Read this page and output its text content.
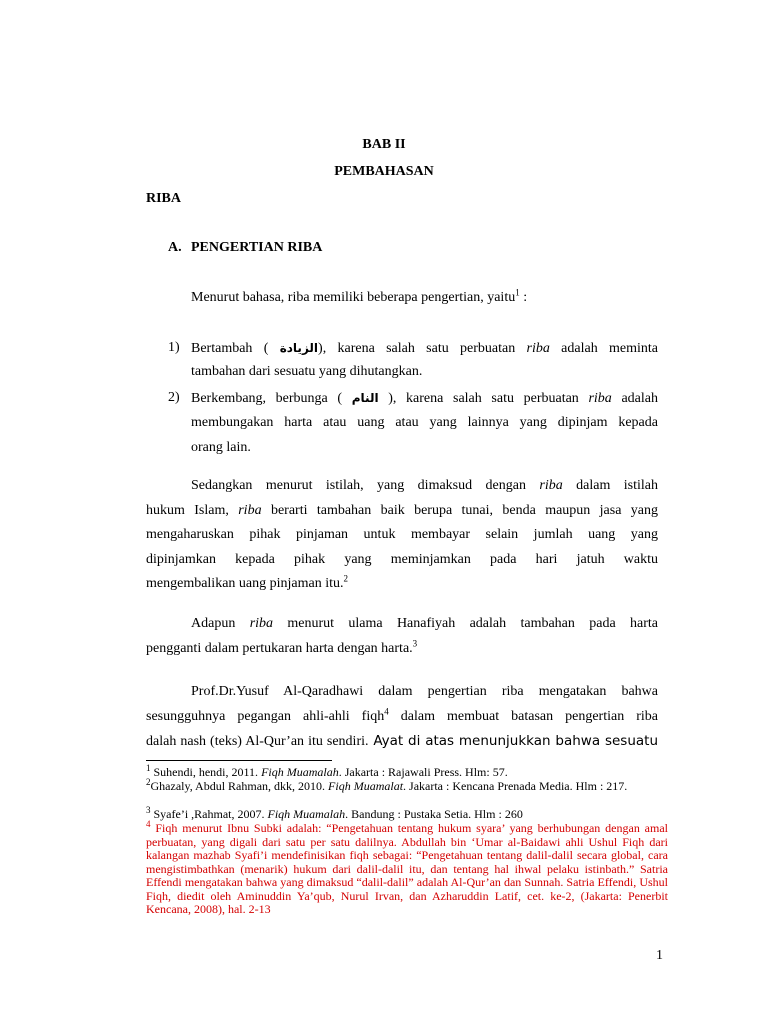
BAB II
PEMBAHASAN
RIBA
A. PENGERTIAN RIBA
Menurut bahasa, riba memiliki beberapa pengertian, yaitu$^1$ :
1) Bertambah ( الزيادة), karena salah satu perbuatan riba adalah meminta
tambahan dari sesuatu yang dihutangkan.
2) Berkembang, berbunga ( النام ), karena salah satu perbuatan riba adalah
membungakan harta atau uang atau yang lainnya yang dipinjam kepada
orang lain.
Sedangkan menurut istilah, yang dimaksud dengan riba dalam istilah
hukum Islam, riba berarti tambahan baik berupa tunai, benda maupun jasa yang
mengaharuskan pihak pinjaman untuk membayar selain jumlah uang yang
dipinjamkan kepada pihak yang meminjamkan pada hari jatuh waktu
mengembalikan uang pinjaman itu.$^2$
Adapun riba menurut ulama Hanafiyah adalah tambahan pada harta
pengganti dalam pertukaran harta dengan harta.$^3$
Prof.Dr.Yusuf Al-Qaradhawi dalam pengertian riba mengatakan bahwa
sesungguhnya pegangan ahli-ahli fiqh$^4$ dalam membuat batasan pengertian riba
dalah nash (teks) Al-Qur’an itu sendiri. Ayat di atas menunjukkan bahwa sesuatu
$^1$ Suhendi, hendi, 2011. Fiqh Muamalah. Jakarta : Rajawali Press. Hlm: 57.
$^2$Ghazaly, Abdul Rahman, dkk, 2010. Fiqh Muamalat. Jakarta : Kencana Prenada Media. Hlm : 217.
$^3$ Syafe’i ,Rahmat, 2007. Fiqh Muamalah. Bandung : Pustaka Setia. Hlm : 260
$^4$ Fiqh menurut Ibnu Subki adalah: “Pengetahuan tentang hukum syara’ yang berhubungan dengan amal perbuatan, yang digali dari satu per satu dalilnya. Abdullah bin ‘Umar al-Baidawi ahli Ushul Fiqh dari kalangan mazhab Syafi’i mendefinisikan fiqh sebagai: “Pengetahuan tentang dalil-dalil secara global, cara mengistimbathkan (menarik) hukum dari dalil-dalil itu, dan tentang hal ihwal pelaku istinbath.” Satria Effendi mengatakan bahwa yang dimaksud “dalil-dalil” adalah Al-Qur’an dan Sunnah. Satria Effendi, Ushul Fiqh, diedit oleh Aminuddin Ya’qub, Nurul Irvan, dan Azharuddin Latif, cet. ke-2, (Jakarta: Penerbit Kencana, 2008), hal. 2-13
1
